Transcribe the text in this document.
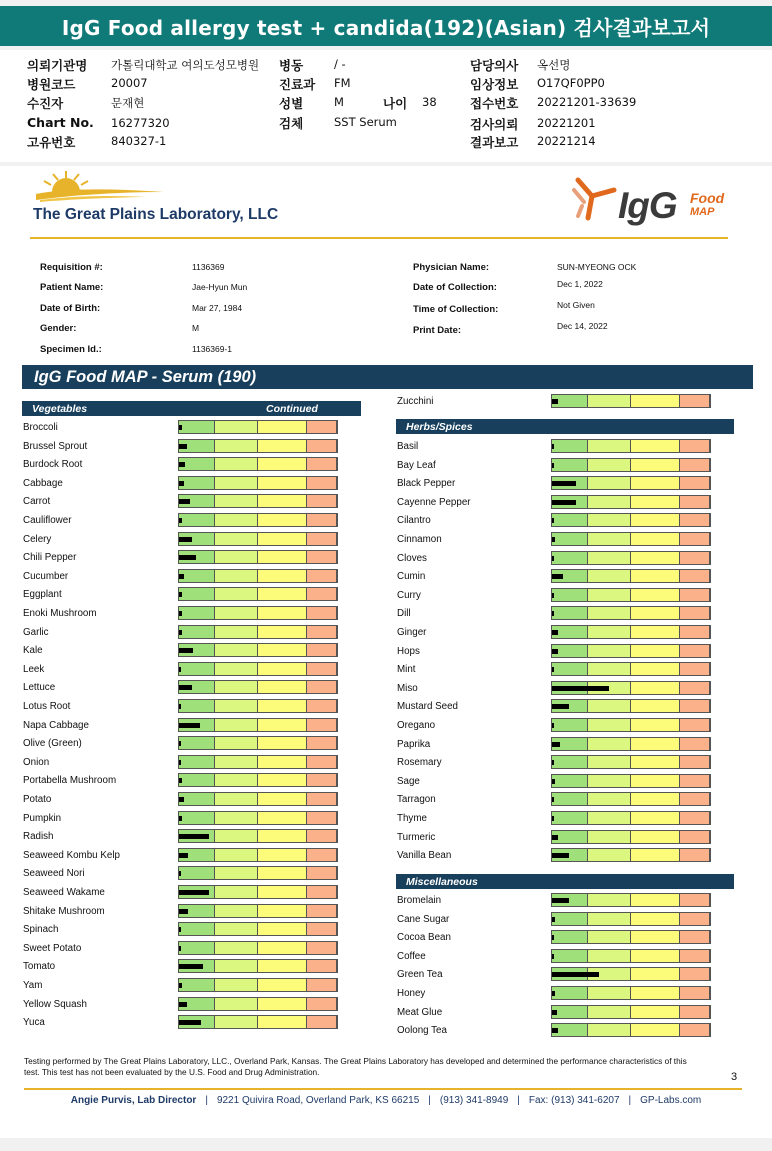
IgG Food allergy test + candida(192)(Asian) 검사결과보고서
의뢰기관명 가톨릭대학교 여의도성모병원
병원코드	20007
수진자	문재현
Chart No. 16277320
고유번호	840327-1
병동	/ -
진료과 FM
성별	M
검체	SST Serum
담당의사 옥선명
임상정보 O17QF0PP0
접수번호 20221201-33639
검사의뢰 20221201
결과보고 20221214
나이 38
The Great Plains Laboratory, LLC	IgG Food
MAP
Requisition #:	1136369
Patient Name:	Jae-Hyun Mun
Date of Birth:	Mar 27, 1984
Gender:	M
Specimen Id.:	1136369-1
Physician Name:	SUN-MYEONG OCK
Date of Collection:	Dec 1, 2022
Time of Collection:	Not Given
Print Date:	Dec 14, 2022
IgG Food MAP - Serum (190)
Vegetables	Continued
Broccoli
Brussel Sprout
Burdock Root
Cabbage
Carrot
Cauliflower
Celery
Chili Pepper
Cucumber
Eggplant
Enoki Mushroom
Garlic
Kale
Leek
Lettuce
Lotus Root
Napa Cabbage
Olive (Green)
Onion
Portabella Mushroom
Potato
Pumpkin
Radish
Seaweed Kombu Kelp
Seaweed Nori
Seaweed Wakame
Shitake Mushroom
Spinach
Sweet Potato
Tomato
Yam
Yellow Squash
Yuca
Zucchini
Herbs/Spices
Basil
Bay Leaf
Black Pepper
Cayenne Pepper
Cilantro
Cinnamon
Cloves
Cumin
Curry
Dill
Ginger
Hops
Mint
Miso
Mustard Seed
Oregano
Paprika
Rosemary
Sage
Tarragon
Thyme
Turmeric
Vanilla Bean
Miscellaneous
Bromelain
Cane Sugar
Cocoa Bean
Coffee
Green Tea
Honey
Meat Glue
Oolong Tea
Testing performed by The Great Plains Laboratory, LLC., Overland Park, Kansas. The Great Plains Laboratory has developed and determined the performance characteristics of this test. This test has not been evaluated by the U.S. Food and Drug Administration.	3
Angie Purvis, Lab Director | 9221 Quivira Road, Overland Park, KS 66215 | (913) 341-8949 | Fax: (913) 341-6207 | GP-Labs.com
